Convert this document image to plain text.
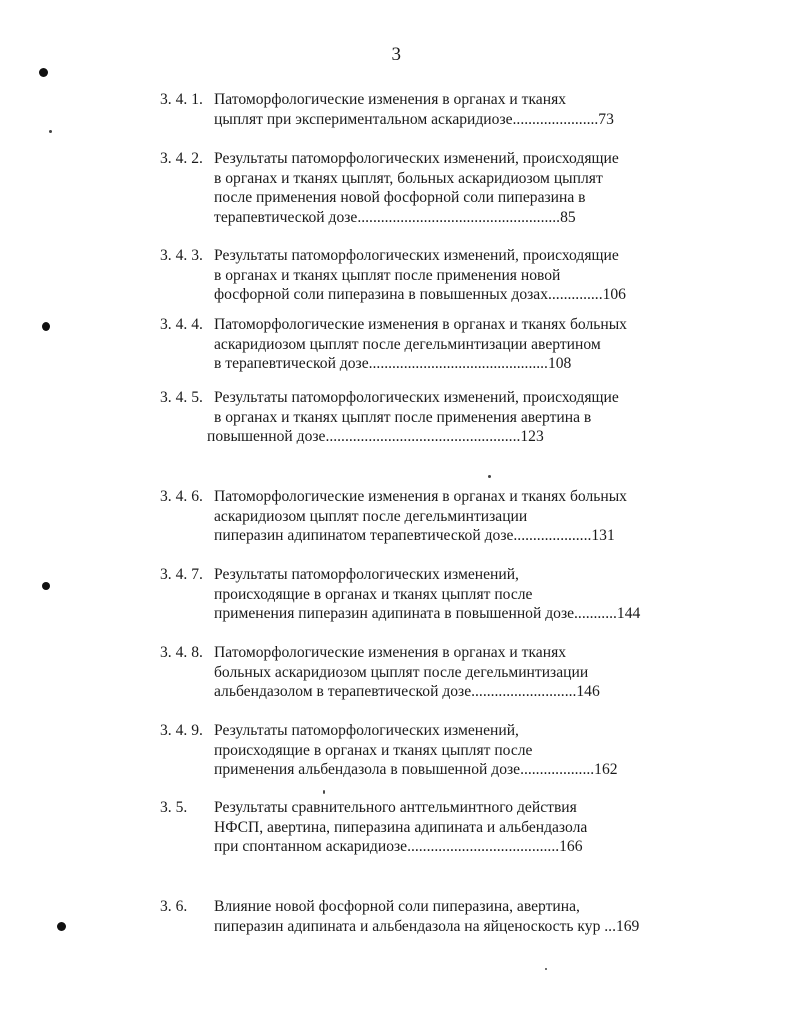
3
3. 4. 1. Патоморфологические изменения в органах и тканях
цыплят при экспериментальном аскаридиозе......................73
3. 4. 2. Результаты патоморфологических изменений, происходящие
в органах и тканях цыплят, больных аскаридиозом цыплят
после применения новой фосфорной соли пиперазина в
терапевтической дозе....................................................85
3. 4. 3. Результаты патоморфологических изменений, происходящие
в органах и тканях цыплят после применения новой
фосфорной соли пиперазина в повышенных дозах..............106
3. 4. 4. Патоморфологические изменения в органах и тканях больных
аскаридиозом цыплят после дегельминтизации авертином
в терапевтической дозе..............................................108
3. 4. 5. Результаты патоморфологических изменений, происходящие
в органах и тканях цыплят после применения авертина в
повышенной дозе..................................................123
3. 4. 6. Патоморфологические изменения в органах и тканях больных
аскаридиозом цыплят после дегельминтизации
пиперазин адипинатом терапевтической дозе....................131
3. 4. 7. Результаты патоморфологических изменений,
происходящие в органах и тканях цыплят после
применения пиперазин адипината в повышенной дозе...........144
3. 4. 8. Патоморфологические изменения в органах и тканях
больных аскаридиозом цыплят после дегельминтизации
альбендазолом в терапевтической дозе...........................146
3. 4. 9. Результаты патоморфологических изменений,
происходящие в органах и тканях цыплят после
применения альбендазола в повышенной дозе...................162
3. 5. Результаты сравнительного антгельминтного действия
НФСП, авертина, пиперазина адипината и альбендазола
при спонтанном аскаридиозе.......................................166
3. 6. Влияние новой фосфорной соли пиперазина, авертина,
пиперазин адипината и альбендазола на яйценоскость кур ...169
